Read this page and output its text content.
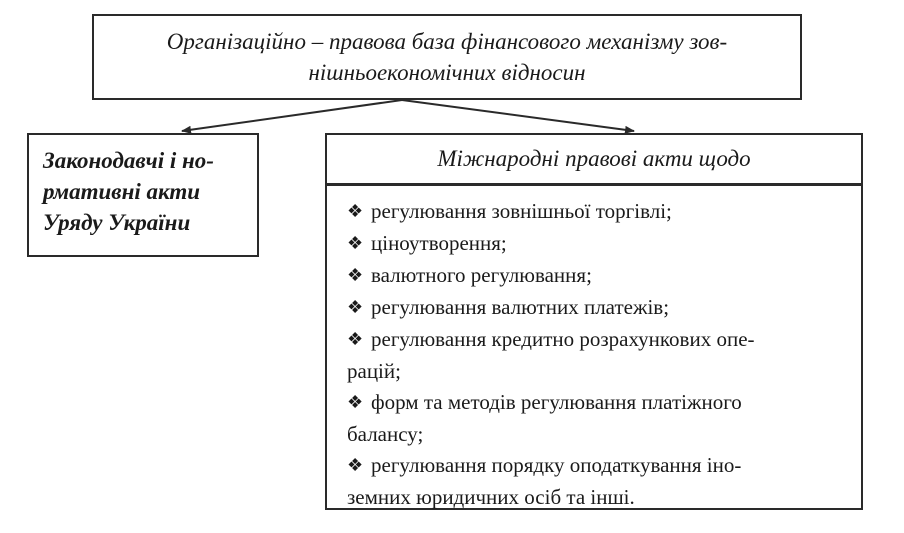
Організаційно – правова база фінансового механізму зов-
нішньоекономічних відносин
Законодавчі і но-
рмативні акти
Уряду України
Міжнародні правові акти щодо
❖ регулювання зовнішньої торгівлі;
❖ ціноутворення;
❖ валютного регулювання;
❖ регулювання валютних платежів;
❖ регулювання кредитно розрахункових опе-
рацій;
❖ форм та методів регулювання платіжного
балансу;
❖ регулювання порядку оподаткування іно-
земних юридичних осіб та інші.
